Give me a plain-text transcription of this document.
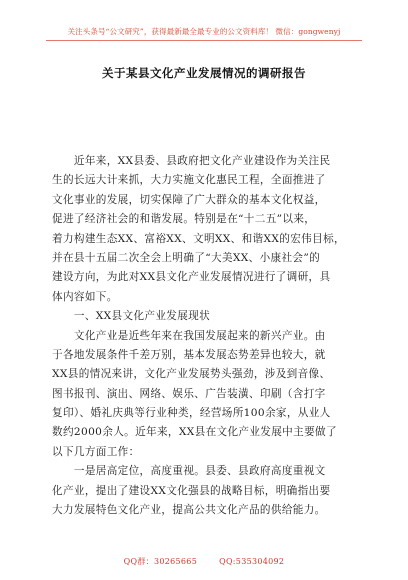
关注头条号“公文研究”，获得最新最全最专业的公文资料库！ 微信：gongwenyj
关于某县文化产业发展情况的调研报告
　　近年来，XX县委、县政府把文化产业建设作为关注民
生的长远大计来抓，大力实施文化惠民工程，全面推进了
文化事业的发展，切实保障了广大群众的基本文化权益，
促进了经济社会的和谐发展。特别是在“十二五”以来，
着力构建生态XX、富裕XX、文明XX、和谐XX的宏伟目标，
并在县十五届二次全会上明确了“大美XX、小康社会”的
建设方向，为此对XX县文化产业发展情况进行了调研，具
体内容如下。
　　一、XX县文化产业发展现状
　　文化产业是近些年来在我国发展起来的新兴产业。由
于各地发展条件千差万别，基本发展态势差异也较大，就
XX县的情况来讲，文化产业发展势头强劲，涉及到音像、
图书报刊、演出、网络、娱乐、广告装潢、印刷（含打字
复印）、婚礼庆典等行业种类，经营场所100余家，从业人
数约2000余人。近年来，XX县在文化产业发展中主要做了
以下几方面工作：
　　一是居高定位，高度重视。县委、县政府高度重视文
化产业，提出了建设XX文化强县的战略目标，明确指出要
大力发展特色文化产业，提高公共文化产品的供给能力。
QQ群：30265665	QQ:535304092
